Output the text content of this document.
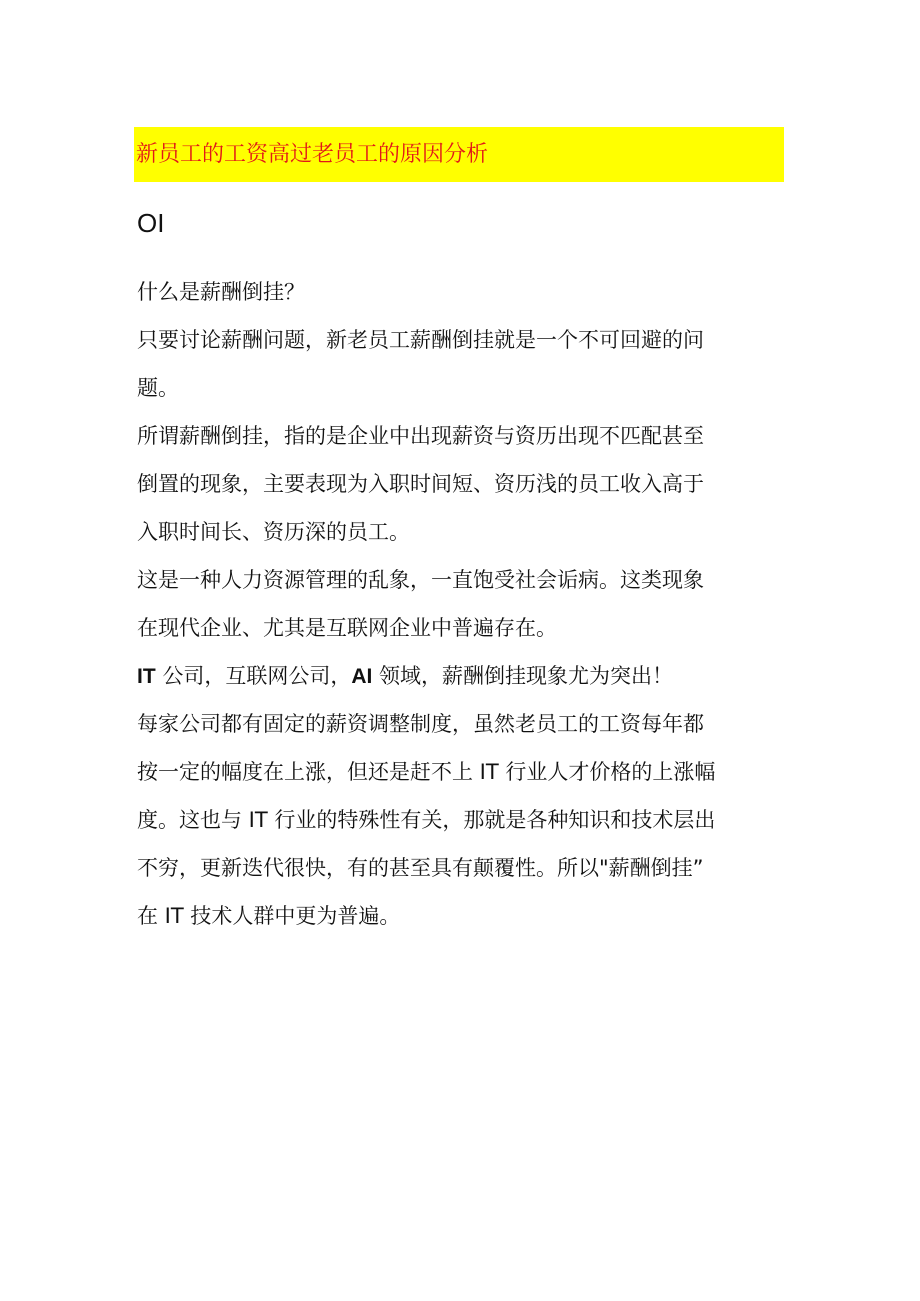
新员工的工资高过老员工的原因分析
OI
什么是薪酬倒挂？
只要讨论薪酬问题，新老员工薪酬倒挂就是一个不可回避的问
题。
所谓薪酬倒挂，指的是企业中出现薪资与资历出现不匹配甚至
倒置的现象，主要表现为入职时间短、资历浅的员工收入高于
入职时间长、资历深的员工。
这是一种人力资源管理的乱象，一直饱受社会诟病。这类现象
在现代企业、尤其是互联网企业中普遍存在。
IT 公司，互联网公司，AI 领域，薪酬倒挂现象尤为突出！
每家公司都有固定的薪资调整制度，虽然老员工的工资每年都
按一定的幅度在上涨，但还是赶不上 IT 行业人才价格的上涨幅
度。这也与 IT 行业的特殊性有关，那就是各种知识和技术层出
不穷，更新迭代很快，有的甚至具有颠覆性。所以"薪酬倒挂”
在 IT 技术人群中更为普遍。
